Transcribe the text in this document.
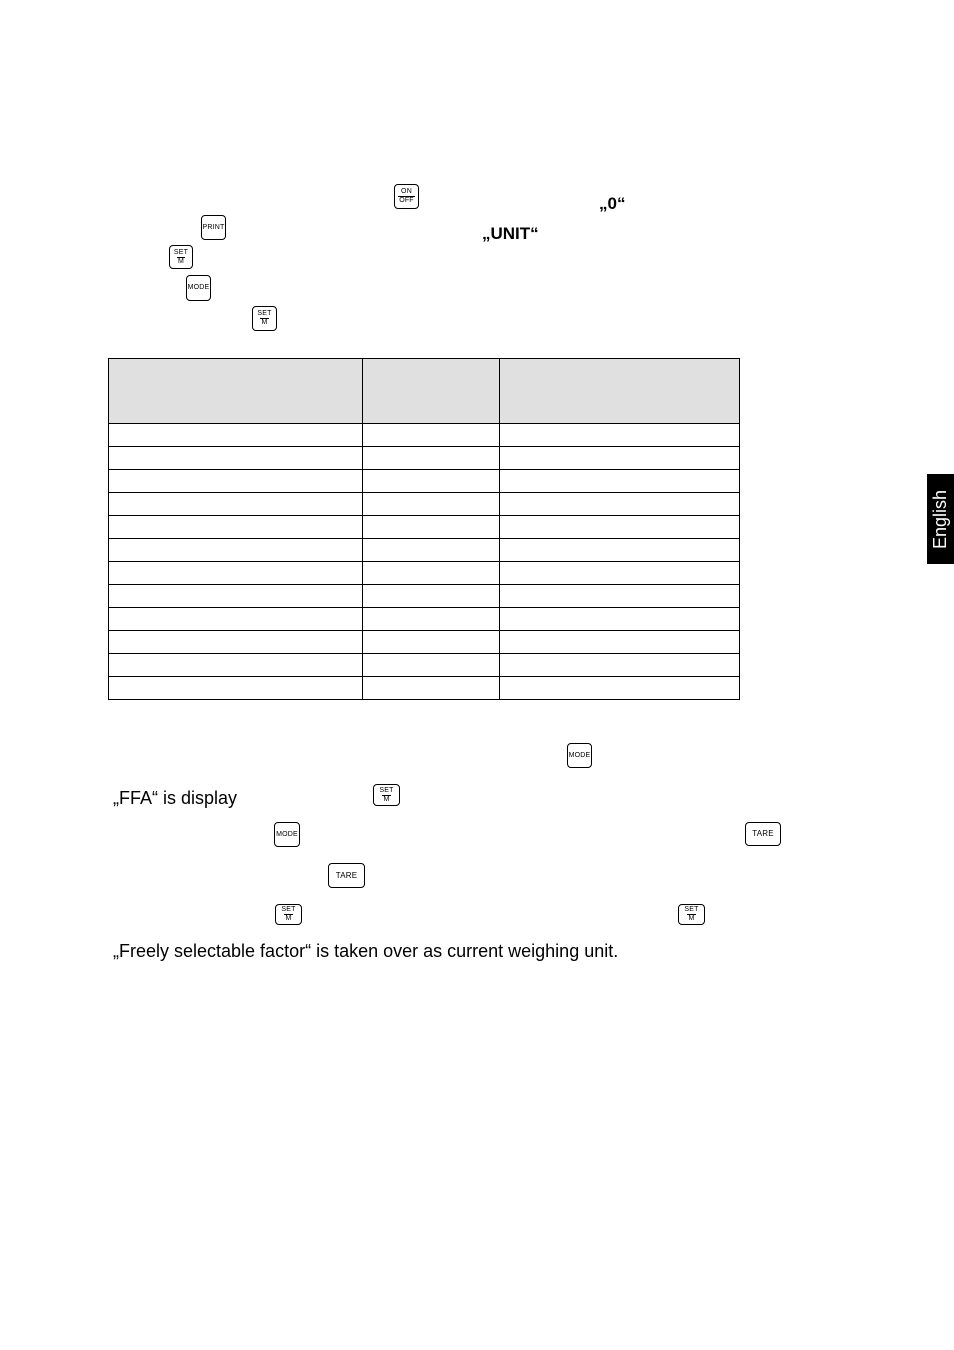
ON
OFF	„0“
PRINT	„UNIT“
SET
M
MODE
SET
M

MODE
„FFA“ is display	SET
M
MODE	TARE
TARE
SET
M
SET
M
„Freely selectable factor“ is taken over as current weighing unit.
English
